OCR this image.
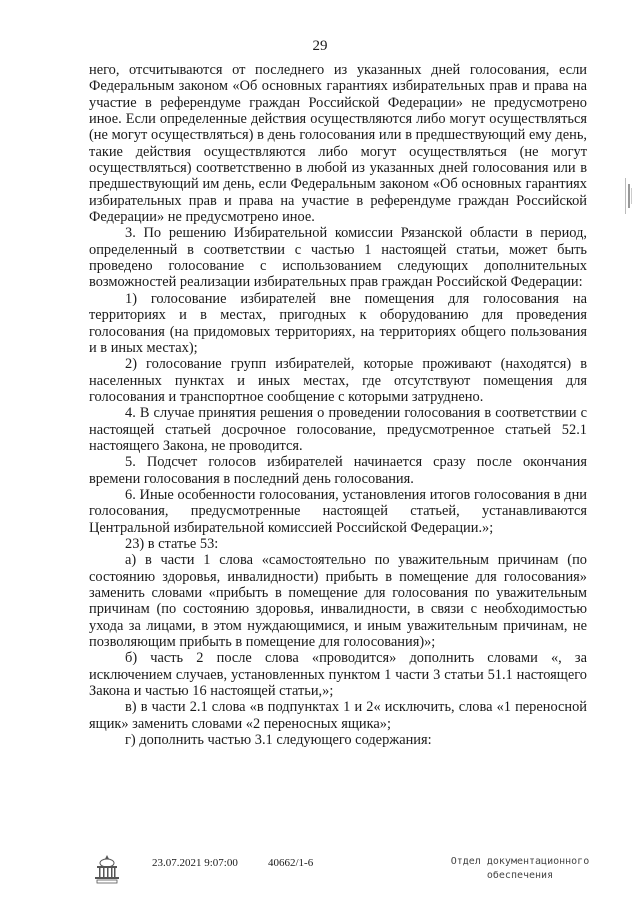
29

него, отсчитываются от последнего из указанных дней голосования, если Федеральным законом «Об основных гарантиях избирательных прав и права на участие в референдуме граждан Российской Федерации» не предусмотрено иное. Если определенные действия осуществляются либо могут осуществляться (не могут осуществляться) в день голосования или в предшествующий ему день, такие действия осуществляются либо могут осуществляться (не могут осуществляться) соответственно в любой из указанных дней голосования или в предшествующий им день, если Федеральным законом «Об основных гарантиях избирательных прав и права на участие в референдуме граждан Российской Федерации» не предусмотрено иное.

3. По решению Избирательной комиссии Рязанской области в период, определенный в соответствии с частью 1 настоящей статьи, может быть проведено голосование с использованием следующих дополнительных возможностей реализации избирательных прав граждан Российской Федерации:

1) голосование избирателей вне помещения для голосования на территориях и в местах, пригодных к оборудованию для проведения голосования (на придомовых территориях, на территориях общего пользования и в иных местах);

2) голосование групп избирателей, которые проживают (находятся) в населенных пунктах и иных местах, где отсутствуют помещения для голосования и транспортное сообщение с которыми затруднено.

4. В случае принятия решения о проведении голосования в соответствии с настоящей статьей досрочное голосование, предусмотренное статьей 52.1 настоящего Закона, не проводится.

5. Подсчет голосов избирателей начинается сразу после окончания времени голосования в последний день голосования.

6. Иные особенности голосования, установления итогов голосования в дни голосования, предусмотренные настоящей статьей, устанавливаются Центральной избирательной комиссией Российской Федерации.»;

23) в статье 53:

а) в части 1 слова «самостоятельно по уважительным причинам (по состоянию здоровья, инвалидности) прибыть в помещение для голосования» заменить словами «прибыть в помещение для голосования по уважительным причинам (по состоянию здоровья, инвалидности, в связи с необходимостью ухода за лицами, в этом нуждающимися, и иным уважительным причинам, не позволяющим прибыть в помещение для голосования)»;

б) часть 2 после слова «проводится» дополнить словами «, за исключением случаев, установленных пунктом 1 части 3 статьи 51.1 настоящего Закона и частью 16 настоящей статьи,»;

в) в части 2.1 слова «в подпунктах 1 и 2« исключить, слова «1 переносной ящик» заменить словами «2 переносных ящика»;

г) дополнить частью 3.1 следующего содержания:

23.07.2021 9:07:00	40662/1-6	Отдел документационного
обеспечения
